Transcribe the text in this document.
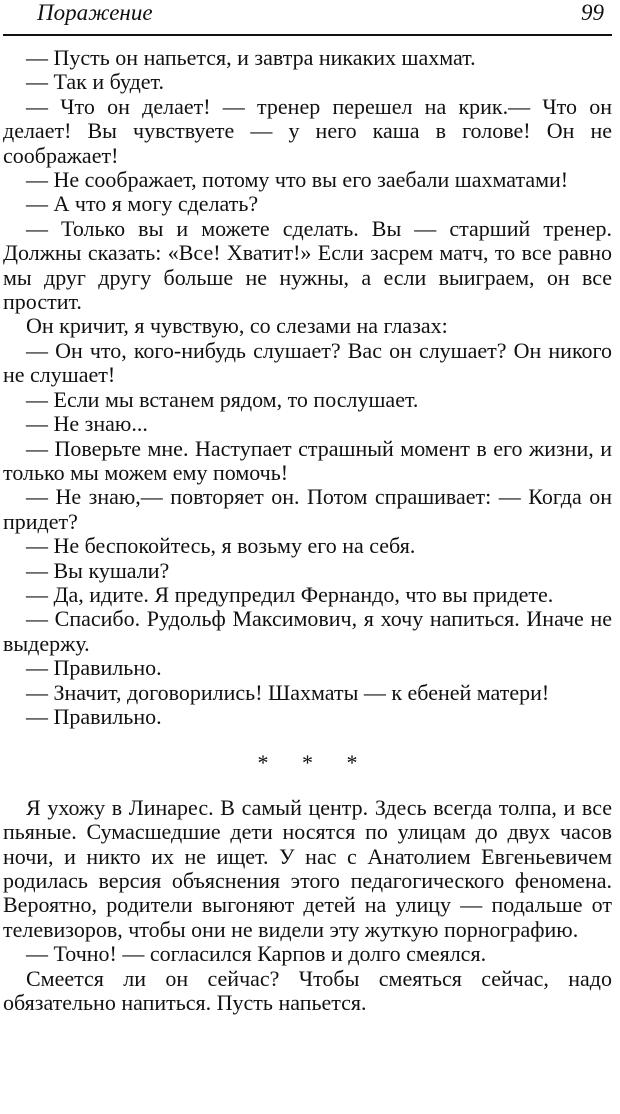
Поражение	99

— Пусть он напьется, и завтра никаких шахмат.

— Так и будет.

— Что он делает! — тренер перешел на крик.— Что он делает! Вы чувствуете — у него каша в голове! Он не соображает!

— Не соображает, потому что вы его заебали шахматами!

— А что я могу сделать?

— Только вы и можете сделать. Вы — старший тренер. Должны сказать: «Все! Хватит!» Если засрем матч, то все равно мы друг другу больше не нужны, а если выиграем, он все простит.

Он кричит, я чувствую, со слезами на глазах:

— Он что, кого-нибудь слушает? Вас он слушает? Он никого не слушает!

— Если мы встанем рядом, то послушает.

— Не знаю...

— Поверьте мне. Наступает страшный момент в его жизни, и только мы можем ему помочь!

— Не знаю,— повторяет он. Потом спрашивает: — Когда он придет?

— Не беспокойтесь, я возьму его на себя.

— Вы кушали?

— Да, идите. Я предупредил Фернандо, что вы придете.

— Спасибо. Рудольф Максимович, я хочу напиться. Иначе не выдержу.

— Правильно.

— Значит, договорились! Шахматы — к ебеней матери!

— Правильно.

* * *

Я ухожу в Линарес. В самый центр. Здесь всегда толпа, и все пьяные. Сумасшедшие дети носятся по улицам до двух часов ночи, и никто их не ищет. У нас с Анатолием Евгеньевичем родилась версия объяснения этого педагогического феномена. Вероятно, родители выгоняют детей на улицу — подальше от телевизоров, чтобы они не видели эту жуткую порнографию.

— Точно! — согласился Карпов и долго смеялся.

Смеется ли он сейчас? Чтобы смеяться сейчас, надо обязательно напиться. Пусть напьется.
